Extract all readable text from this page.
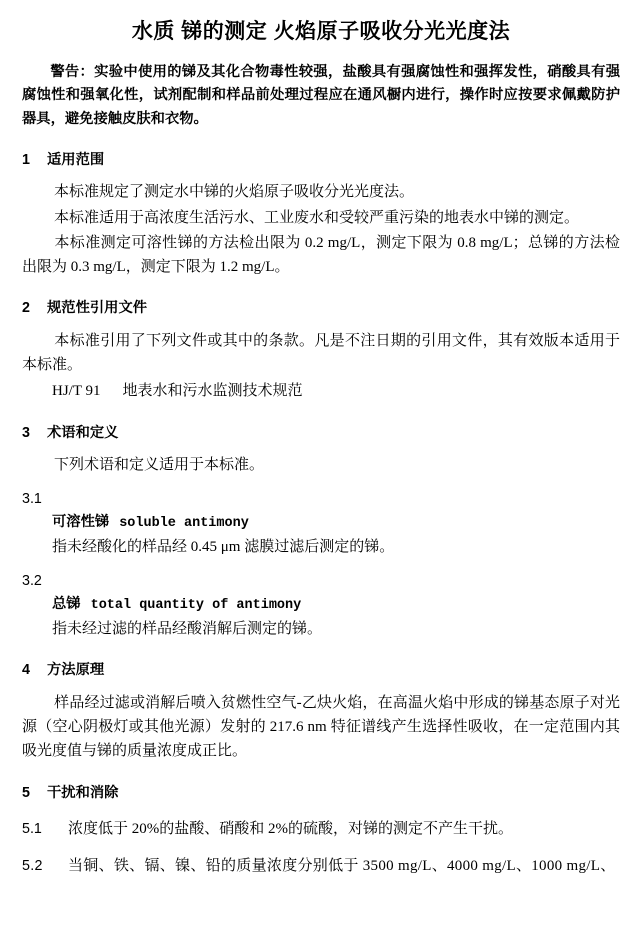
水质 锑的测定 火焰原子吸收分光光度法
警告：实验中使用的锑及其化合物毒性较强，盐酸具有强腐蚀性和强挥发性，硝酸具有强腐蚀性和强氧化性，试剂配制和样品前处理过程应在通风橱内进行，操作时应按要求佩戴防护器具，避免接触皮肤和衣物。
1 适用范围

本标准规定了测定水中锑的火焰原子吸收分光光度法。

本标准适用于高浓度生活污水、工业废水和受较严重污染的地表水中锑的测定。

本标准测定可溶性锑的方法检出限为 0.2 mg/L，测定下限为 0.8 mg/L；总锑的方法检出限为 0.3 mg/L，测定下限为 1.2 mg/L。

2 规范性引用文件

本标准引用了下列文件或其中的条款。凡是不注日期的引用文件，其有效版本适用于本标准。

HJ/T 91 地表水和污水监测技术规范

3 术语和定义

下列术语和定义适用于本标准。

3.1
可溶性锑 soluble antimony

指未经酸化的样品经 0.45 μm 滤膜过滤后测定的锑。

3.2
总锑 total quantity of antimony

指未经过滤的样品经酸消解后测定的锑。

4 方法原理

样品经过滤或消解后喷入贫燃性空气-乙炔火焰，在高温火焰中形成的锑基态原子对光源（空心阴极灯或其他光源）发射的 217.6 nm 特征谱线产生选择性吸收，在一定范围内其吸光度值与锑的质量浓度成正比。

5 干扰和消除

5.1 浓度低于 20%的盐酸、硝酸和 2%的硫酸，对锑的测定不产生干扰。

5.2 当铜、铁、镉、镍、铅的质量浓度分别低于 3500 mg/L、4000 mg/L、1000 mg/L、
